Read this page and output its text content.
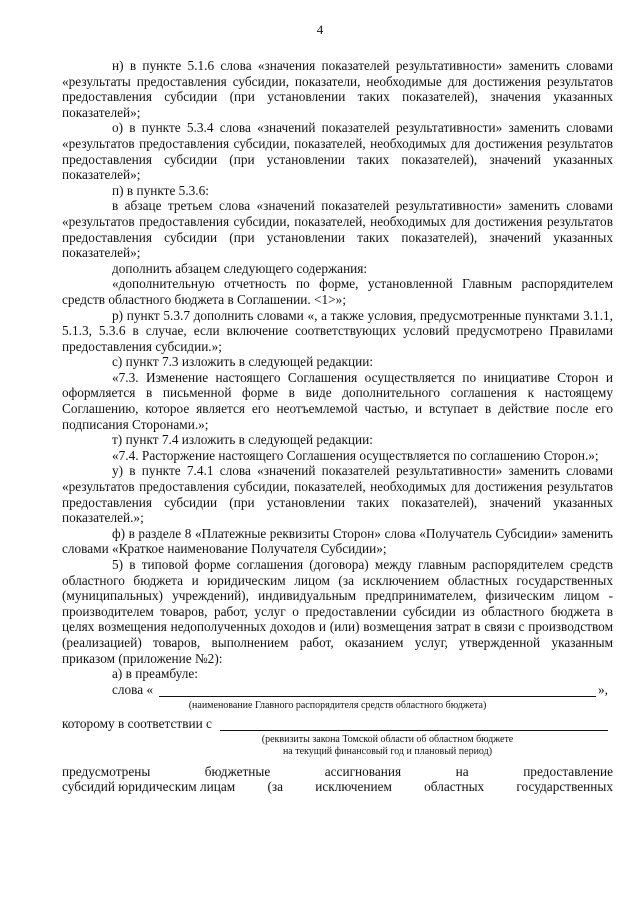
4

н) в пункте 5.1.6 слова «значения показателей результативности» заменить словами «результаты предоставления субсидии, показатели, необходимые для достижения результатов предоставления субсидии (при установлении таких показателей), значения указанных показателей»;

о) в пункте 5.3.4 слова «значений показателей результативности» заменить словами «результатов предоставления субсидии, показателей, необходимых для достижения результатов предоставления субсидии (при установлении таких показателей), значений указанных показателей»;

п) в пункте 5.3.6:

в абзаце третьем слова «значений показателей результативности» заменить словами «результатов предоставления субсидии, показателей, необходимых для достижения результатов предоставления субсидии (при установлении таких показателей), значений указанных показателей»;

дополнить абзацем следующего содержания:

«дополнительную отчетность по форме, установленной Главным распорядителем средств областного бюджета в Соглашении. <1>»;

р) пункт 5.3.7 дополнить словами «, а также условия, предусмотренные пунктами 3.1.1, 5.1.3, 5.3.6 в случае, если включение соответствующих условий предусмотрено Правилами предоставления субсидии.»;

с) пункт 7.3 изложить в следующей редакции:

«7.3. Изменение настоящего Соглашения осуществляется по инициативе Сторон и оформляется в письменной форме в виде дополнительного соглашения к настоящему Соглашению, которое является его неотъемлемой частью, и вступает в действие после его подписания Сторонами.»;

т) пункт 7.4 изложить в следующей редакции:

«7.4. Расторжение настоящего Соглашения осуществляется по соглашению Сторон.»;

у) в пункте 7.4.1 слова «значений показателей результативности» заменить словами «результатов предоставления субсидии, показателей, необходимых для достижения результатов предоставления субсидии (при установлении таких показателей), значений указанных показателей.»;

ф) в разделе 8 «Платежные реквизиты Сторон» слова «Получатель Субсидии» заменить словами «Краткое наименование Получателя Субсидии»;

5) в типовой форме соглашения (договора) между главным распорядителем средств областного бюджета и юридическим лицом (за исключением областных государственных (муниципальных) учреждений), индивидуальным предпринимателем, физическим лицом - производителем товаров, работ, услуг о предоставлении субсидии из областного бюджета в целях возмещения недополученных доходов и (или) возмещения затрат в связи с производством (реализацией) товаров, выполнением работ, оказанием услуг, утвержденной указанным приказом (приложение №2):

а) в преамбуле:

слова «	»,
(наименование Главного распорядителя средств областного бюджета)
которому в соответствии с
(реквизиты закона Томской области об областном бюджете
на текущий финансовый год и плановый период)
предусмотрены	бюджетные	ассигнования	на	предоставление
субсидий юридическим лицам (за исключением областных государственных
